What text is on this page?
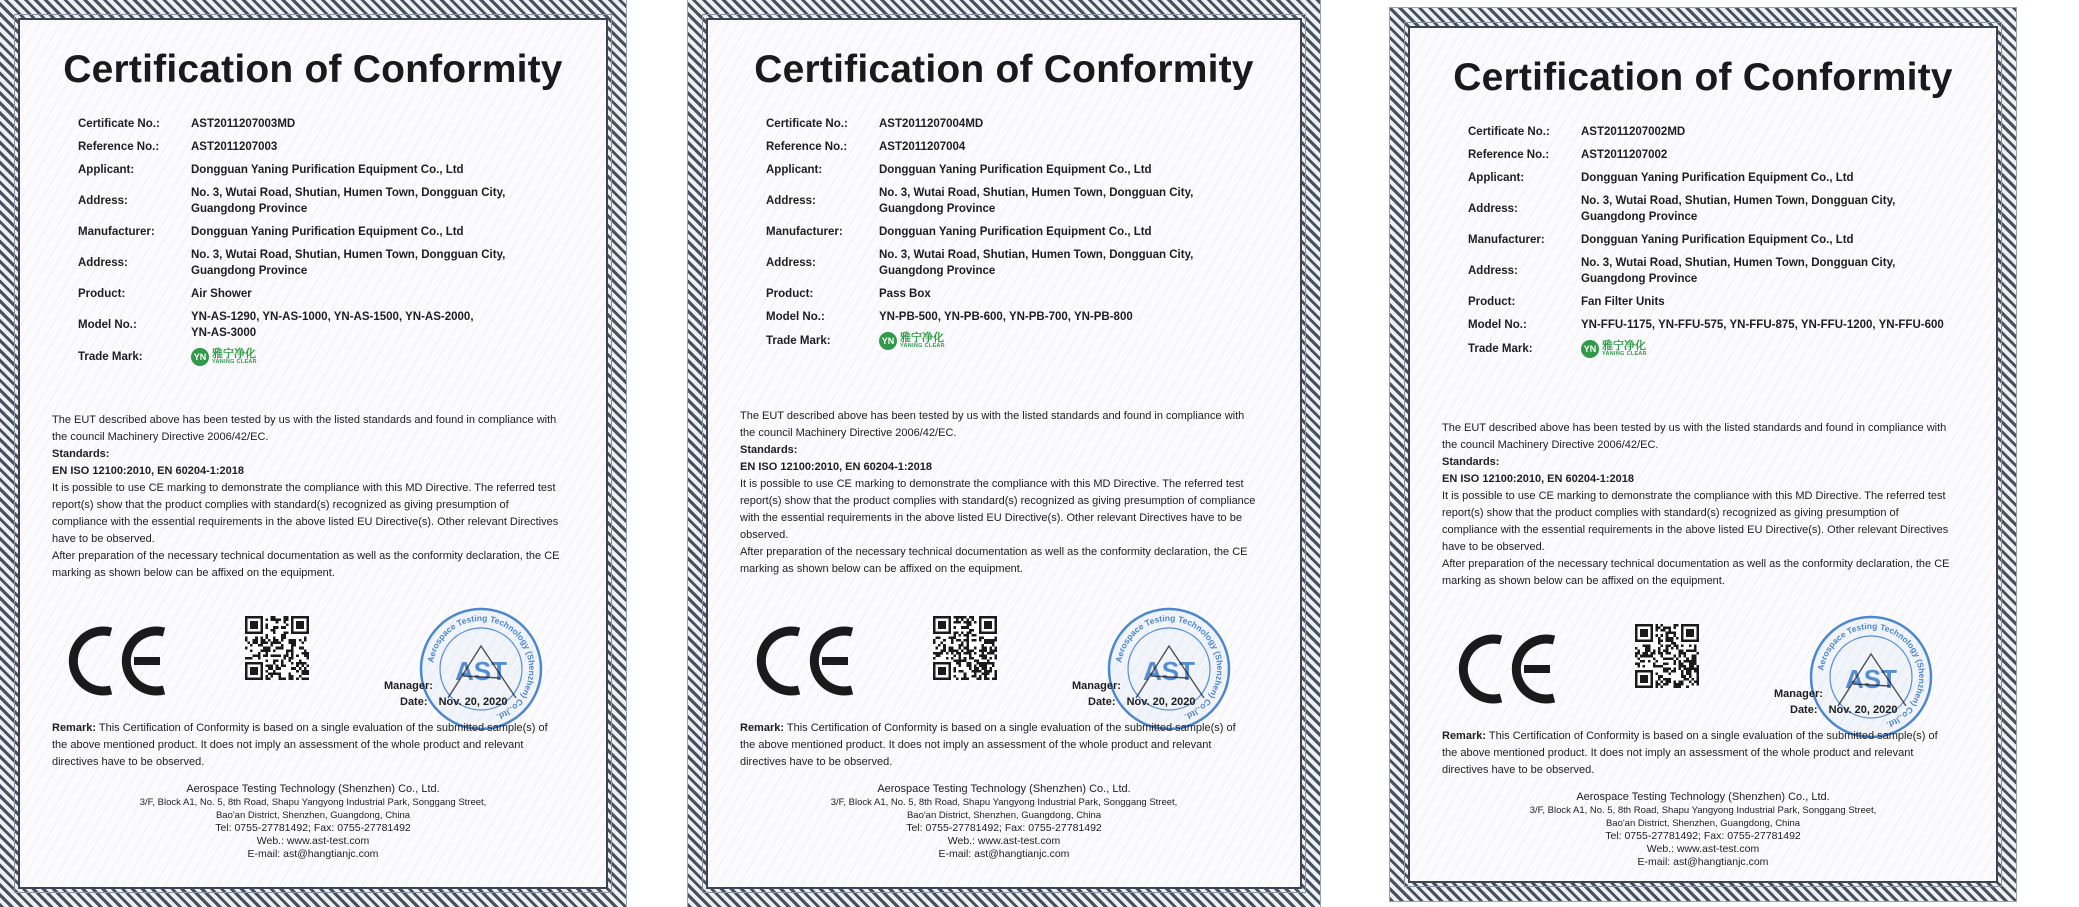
Certification of Conformity
Certificate No.:	AST2011207003MD
Reference No.:	AST2011207003
Applicant:	Dongguan Yaning Purification Equipment Co., Ltd
Address:
No. 3, Wutai Road, Shutian, Humen Town, Dongguan City,
Guangdong Province
Manufacturer:	Dongguan Yaning Purification Equipment Co., Ltd
Address:
No. 3, Wutai Road, Shutian, Humen Town, Dongguan City,
Guangdong Province
Product:	Air Shower
Model No.:
YN-AS-1290, YN-AS-1000, YN-AS-1500, YN-AS-2000,
YN-AS-3000
Trade Mark:	YN 雅宁净化
YANING CLEAR

The EUT described above has been tested by us with the listed standards and found in compliance with

the council Machinery Directive 2006/42/EC.

Standards:

EN ISO 12100:2010, EN 60204-1:2018

It is possible to use CE marking to demonstrate the compliance with this MD Directive. The referred test report(s) show that the product complies with standard(s) recognized as giving presumption of compliance with the essential requirements in the above listed EU Directive(s). Other relevant Directives have to be observed.

After preparation of the necessary technical documentation as well as the conformity declaration, the CE marking as shown below can be affixed on the equipment.

Aerospace Testing Technology (Shenzhen) Co.,ltd.
AST
Manager:
Date: Nov. 20, 2020
Remark: This Certification of Conformity is based on a single evaluation of the submitted sample(s) of the above mentioned product. It does not imply an assessment of the whole product and relevant directives have to be observed.
Aerospace Testing Technology (Shenzhen) Co., Ltd.
3/F, Block A1, No. 5, 8th Road, Shapu Yangyong Industrial Park, Songgang Street,
Bao'an District, Shenzhen, Guangdong, China
Tel: 0755-27781492; Fax: 0755-27781492
Web.: www.ast-test.com
E-mail: ast@hangtianjc.com
Certification of Conformity
Certificate No.:	AST2011207004MD
Reference No.:	AST2011207004
Applicant:	Dongguan Yaning Purification Equipment Co., Ltd
Address:
No. 3, Wutai Road, Shutian, Humen Town, Dongguan City,
Guangdong Province
Manufacturer:	Dongguan Yaning Purification Equipment Co., Ltd
Address:
No. 3, Wutai Road, Shutian, Humen Town, Dongguan City,
Guangdong Province
Product:	Pass Box
Model No.:	YN-PB-500, YN-PB-600, YN-PB-700, YN-PB-800
Trade Mark:	YN 雅宁净化
YANING CLEAR

The EUT described above has been tested by us with the listed standards and found in compliance with

the council Machinery Directive 2006/42/EC.

Standards:

EN ISO 12100:2010, EN 60204-1:2018

It is possible to use CE marking to demonstrate the compliance with this MD Directive. The referred test report(s) show that the product complies with standard(s) recognized as giving presumption of compliance with the essential requirements in the above listed EU Directive(s). Other relevant Directives have to be observed.

After preparation of the necessary technical documentation as well as the conformity declaration, the CE marking as shown below can be affixed on the equipment.

Aerospace Testing Technology (Shenzhen) Co.,ltd.
AST
Manager:
Date: Nov. 20, 2020
Remark: This Certification of Conformity is based on a single evaluation of the submitted sample(s) of the above mentioned product. It does not imply an assessment of the whole product and relevant directives have to be observed.
Aerospace Testing Technology (Shenzhen) Co., Ltd.
3/F, Block A1, No. 5, 8th Road, Shapu Yangyong Industrial Park, Songgang Street,
Bao'an District, Shenzhen, Guangdong, China
Tel: 0755-27781492; Fax: 0755-27781492
Web.: www.ast-test.com
E-mail: ast@hangtianjc.com
Certification of Conformity
Certificate No.:	AST2011207002MD
Reference No.:	AST2011207002
Applicant:	Dongguan Yaning Purification Equipment Co., Ltd
Address:
No. 3, Wutai Road, Shutian, Humen Town, Dongguan City,
Guangdong Province
Manufacturer:	Dongguan Yaning Purification Equipment Co., Ltd
Address:
No. 3, Wutai Road, Shutian, Humen Town, Dongguan City,
Guangdong Province
Product:	Fan Filter Units
Model No.:	YN-FFU-1175, YN-FFU-575, YN-FFU-875, YN-FFU-1200, YN-FFU-600
Trade Mark:	YN 雅宁净化
YANING CLEAR

The EUT described above has been tested by us with the listed standards and found in compliance with

the council Machinery Directive 2006/42/EC.

Standards:

EN ISO 12100:2010, EN 60204-1:2018

It is possible to use CE marking to demonstrate the compliance with this MD Directive. The referred test report(s) show that the product complies with standard(s) recognized as giving presumption of compliance with the essential requirements in the above listed EU Directive(s). Other relevant Directives have to be observed.

After preparation of the necessary technical documentation as well as the conformity declaration, the CE marking as shown below can be affixed on the equipment.

Aerospace Testing Technology (Shenzhen) Co.,ltd.
AST
Manager:
Date: Nov. 20, 2020
Remark: This Certification of Conformity is based on a single evaluation of the submitted sample(s) of the above mentioned product. It does not imply an assessment of the whole product and relevant directives have to be observed.
Aerospace Testing Technology (Shenzhen) Co., Ltd.
3/F, Block A1, No. 5, 8th Road, Shapu Yangyong Industrial Park, Songgang Street,
Bao'an District, Shenzhen, Guangdong, China
Tel: 0755-27781492; Fax: 0755-27781492
Web.: www.ast-test.com
E-mail: ast@hangtianjc.com
